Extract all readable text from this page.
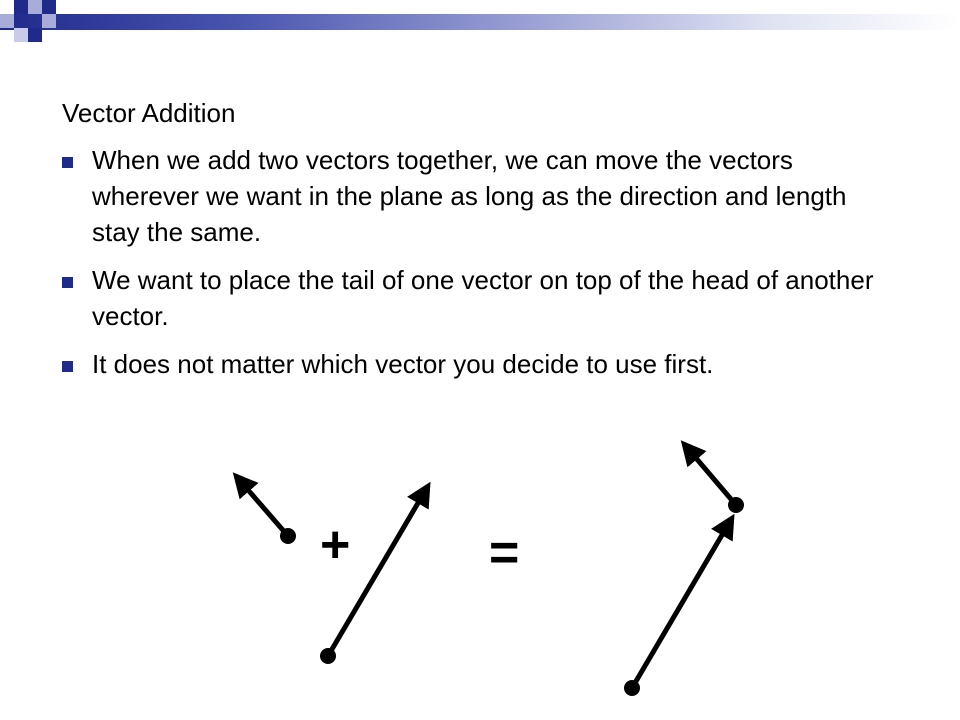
Vector Addition
When we add two vectors together, we can move the vectors wherever we want in the plane as long as the direction and length stay the same.
We want to place the tail of one vector on top of the head of another vector.
It does not matter which vector you decide to use first.
+	=
